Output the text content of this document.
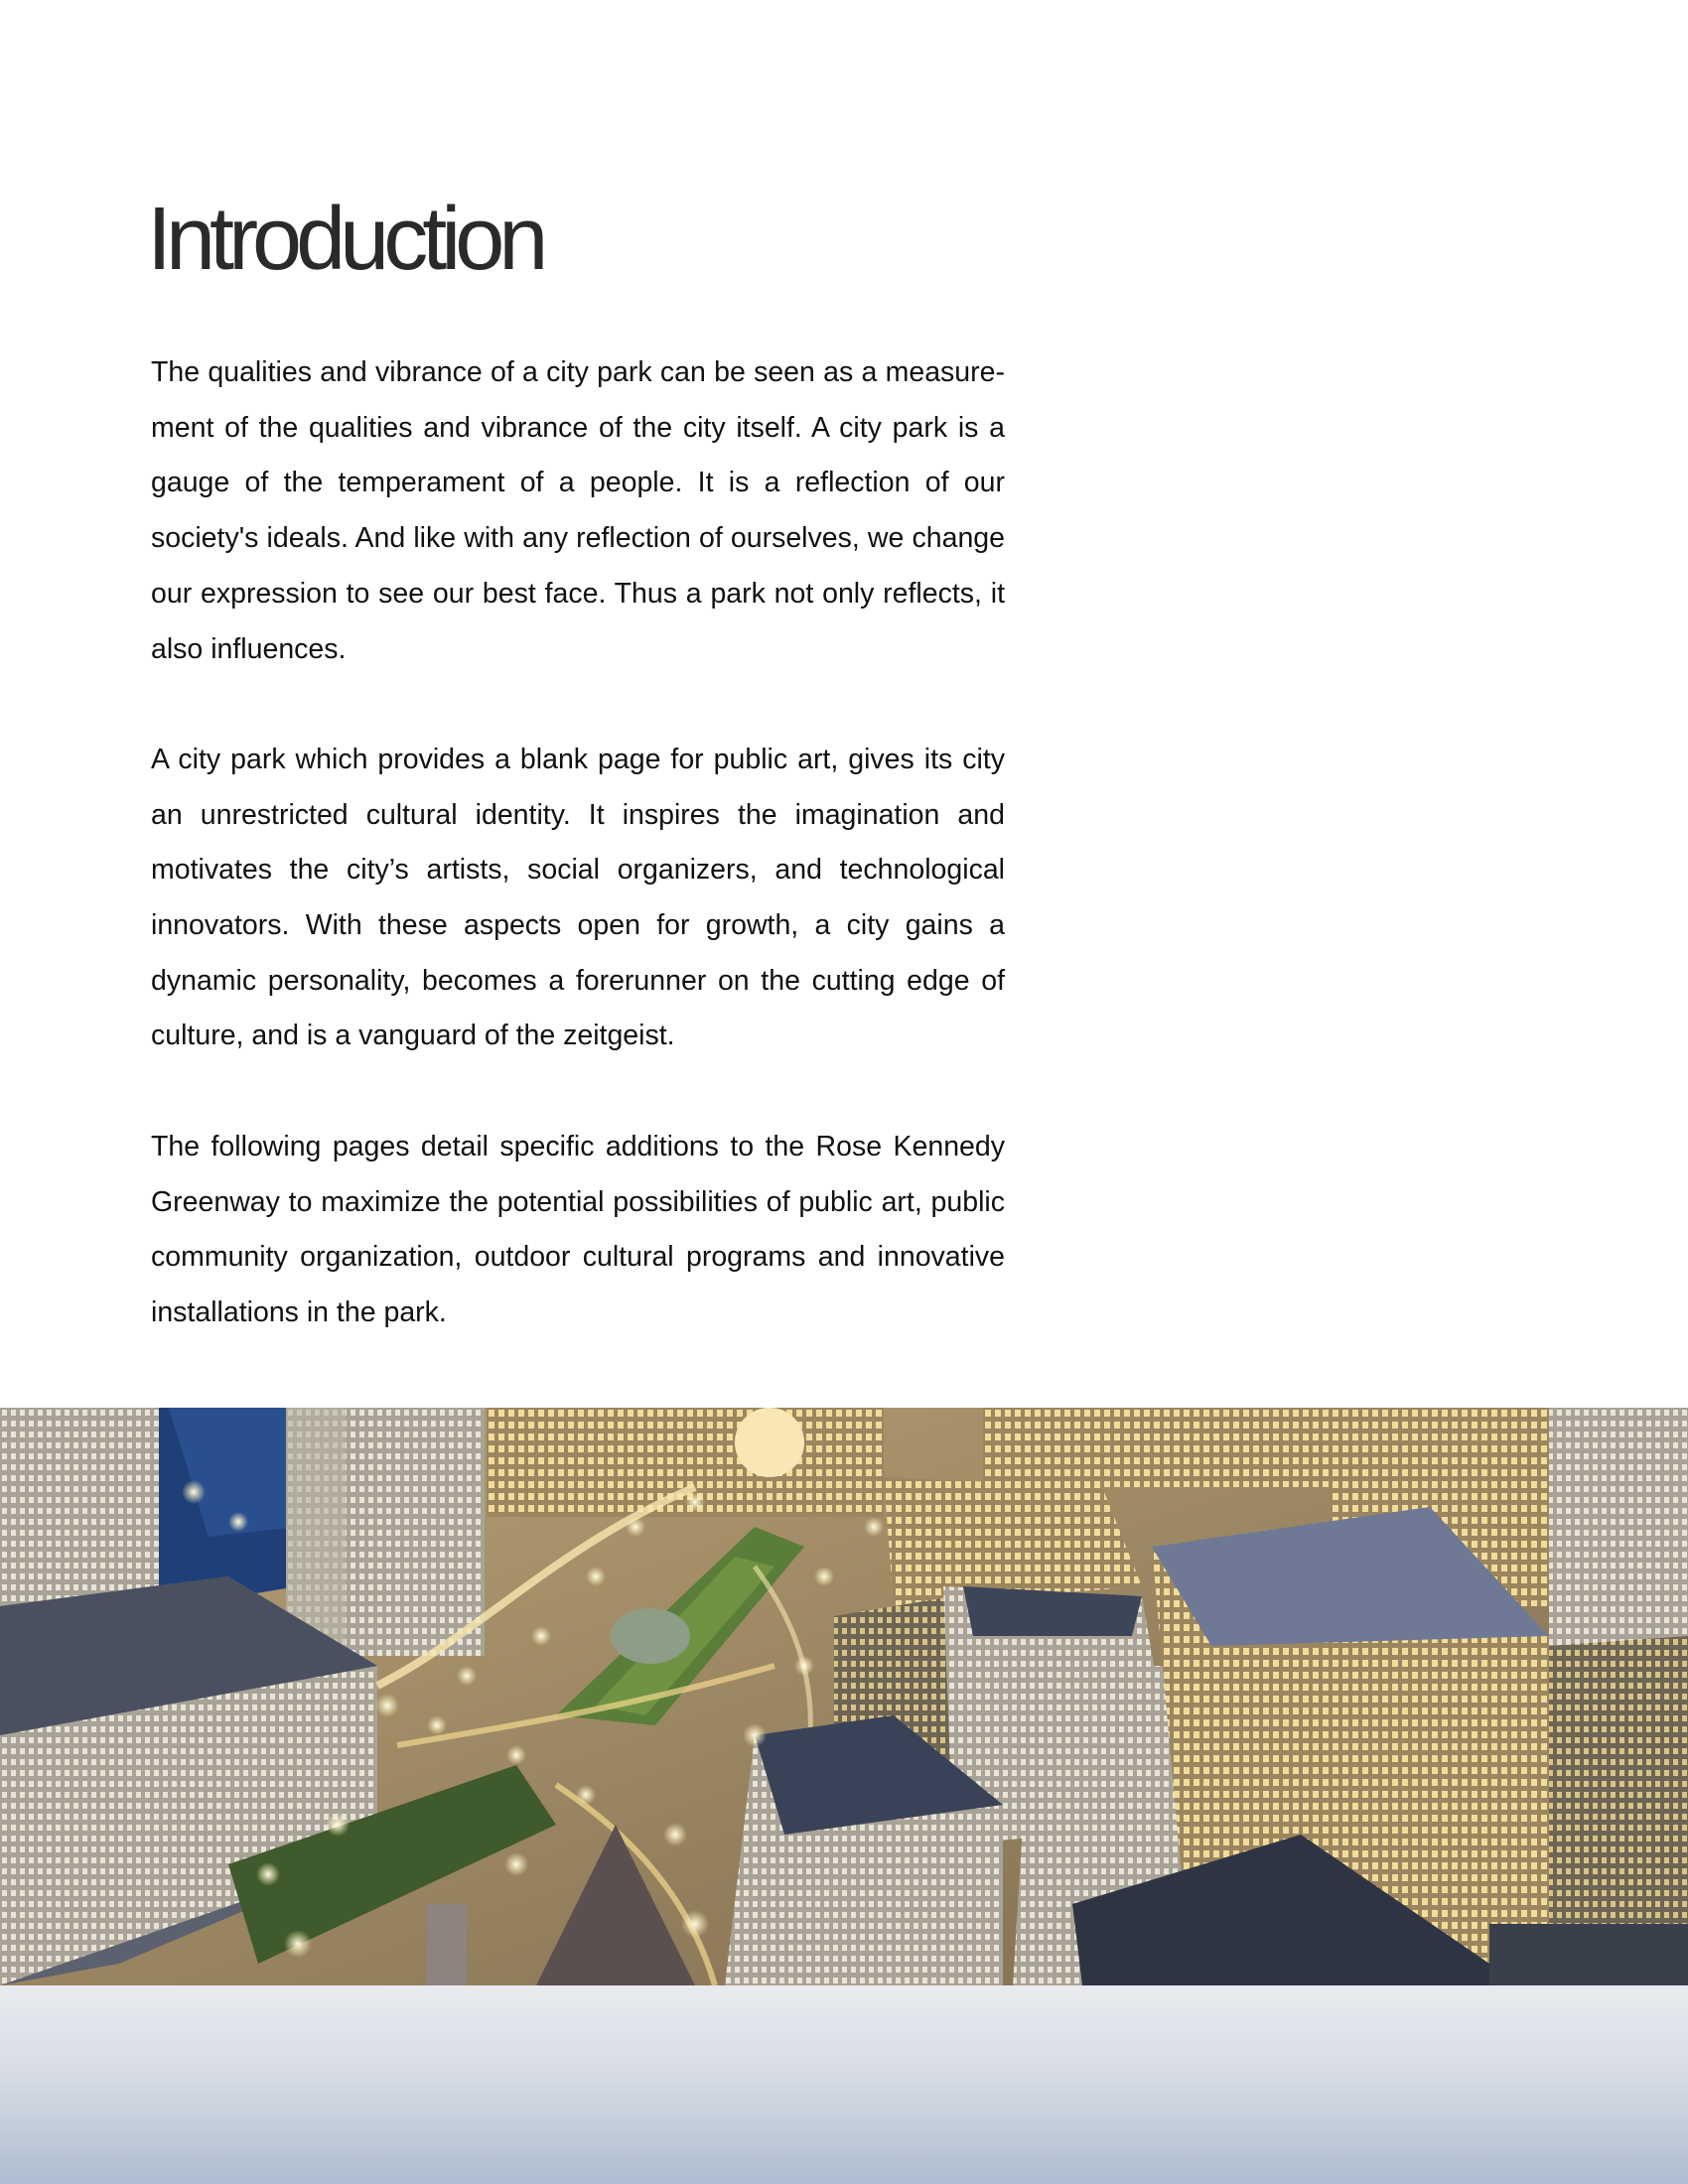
Introduction

The qualities and vibrance of a city park can be seen as a measure-ment of the qualities and vibrance of the city itself. A city park is a gauge of the temperament of a people. It is a reflection of our society's ideals. And like with any reflection of ourselves, we change our expression to see our best face. Thus a park not only reflects, it also influences.

A city park which provides a blank page for public art, gives its city an unrestricted cultural identity. It inspires the imagination and motivates the city’s artists, social organizers, and technological innovators. With these aspects open for growth, a city gains a dynamic personality, becomes a forerunner on the cutting edge of culture, and is a vanguard of the zeitgeist.

The following pages detail specific additions to the Rose Kennedy Greenway to maximize the potential possibilities of public art, public community organization, outdoor cultural programs and innovative installations in the park.
